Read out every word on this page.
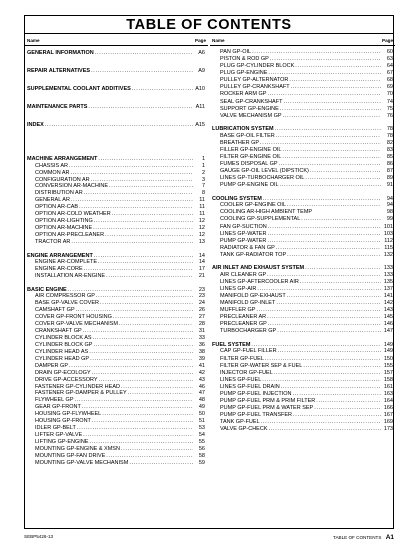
TABLE OF CONTENTS
Name	Page Name	Page
GENERAL INFORMATION .....	A6
REPAIR ALTERNATIVES .....	A9
SUPPLEMENTAL COOLANT ADDITIVES .....	A10
MAINTENANCE PARTS .....	A11
INDEX .....	A15
MACHINE ARRANGEMENT .....	1
CHASSIS AR .....	1
COMMON AR .....	2
CONFIGURATION AR .....	3
CONVERSION AR-MACHINE .....	7
DISTRIBUTION AR .....	8
GENERAL AR .....	11
OPTION AR-CAB .....	11
OPTION AR-COLD WEATHER .....	11
OPTION AR-LIGHTING .....	12
OPTION AR-MACHINE .....	12
OPTION AR-PRECLEANER .....	12
TRACTOR AR .....	13
ENGINE ARRANGEMENT .....	14
ENGINE AR-COMPLETE .....	14
ENGINE AR-CORE .....	17
INSTALLATION AR-ENGINE .....	21
BASIC ENGINE .....	23
AIR COMPRESSOR GP .....	23
BASE GP-VALVE COVER .....	24
CAMSHAFT GP .....	26
COVER GP-FRONT HOUSING .....	27
COVER GP-VALVE MECHANISM .....	28
CRANKSHAFT GP .....	31
CYLINDER BLOCK AS .....	33
CYLINDER BLOCK GP .....	36
CYLINDER HEAD AS .....	38
CYLINDER HEAD GP .....	39
DAMPER GP .....	41
DRAIN GP-ECOLOGY .....	42
DRIVE GP-ACCESSORY .....	43
FASTENER GP-CYLINDER HEAD .....	46
FASTENER GP-DAMPER & PULLEY .....	47
FLYWHEEL GP .....	48
GEAR GP-FRONT .....	49
HOUSING GP-FLYWHEEL .....	50
HOUSING GP-FRONT .....	51
IDLER GP-BELT .....	53
LIFTER GP-VALVE .....	54
LIFTING GP-ENGINE .....	55
MOUNTING GP-ENGINE & XMSN .....	56
MOUNTING GP-FAN DRIVE .....	58
MOUNTING GP-VALVE MECHANISM .....	59
PAN GP-OIL .....	60
PISTON & ROD GP .....	63
PLUG GP-CYLINDER BLOCK .....	64
PLUG GP-ENGINE .....	67
PULLEY GP-ALTERNATOR .....	68
PULLEY GP-CRANKSHAFT .....	69
ROCKER ARM GP .....	70
SEAL GP-CRANKSHAFT .....	74
SUPPORT GP-ENGINE .....	75
VALVE MECHANISM GP .....	76
LUBRICATION SYSTEM .....	78
BASE GP-OIL FILTER .....	78
BREATHER GP .....	82
FILLER GP-ENGINE OIL .....	83
FILTER GP-ENGINE OIL .....	85
FUMES DISPOSAL GP .....	86
GAUGE GP-OIL LEVEL (DIPSTICK) .....	87
LINES GP-TURBOCHARGER OIL .....	89
PUMP GP-ENGINE OIL .....	91
COOLING SYSTEM .....	94
COOLER GP-ENGINE OIL .....	94
COOLING AR-HIGH AMBIENT TEMP	98
COOLING GP-SUPPLEMENTAL .....	99
FAN GP-SUCTION .....	101
LINES GP-WATER .....	103
PUMP GP-WATER .....	112
RADIATOR & FAN GP .....	115
TANK GP-RADIATOR TOP .....	132
AIR INLET AND EXHAUST SYSTEM .....	133
AIR CLEANER GP .....	133
LINES GP-AFTERCOOLER AIR .....	135
LINES GP-AIR .....	137
MANIFOLD GP-EXHAUST .....	141
MANIFOLD GP-INLET .....	142
MUFFLER GP .....	143
PRECLEANER AR .....	145
PRECLEANER GP .....	146
TURBOCHARGER GP .....	147
FUEL SYSTEM .....	149
CAP GP-FUEL FILLER .....	149
FILTER GP-FUEL .....	150
FILTER GP-WATER SEP & FUEL .....	155
INJECTOR GP-FUEL .....	157
LINES GP-FUEL .....	158
LINES GP-FUEL DRAIN .....	161
PUMP GP-FUEL INJECTION .....	163
PUMP GP-FUEL PRM & PRIM FILTER .....	164
PUMP GP-FUEL PRM & WATER SEP .....	166
PUMP GP-FUEL TRANSFER .....	167
TANK GP-FUEL .....	169
VALVE GP-CHECK .....	173
SEBP5426-13	TABLE OF CONTENTS A1
